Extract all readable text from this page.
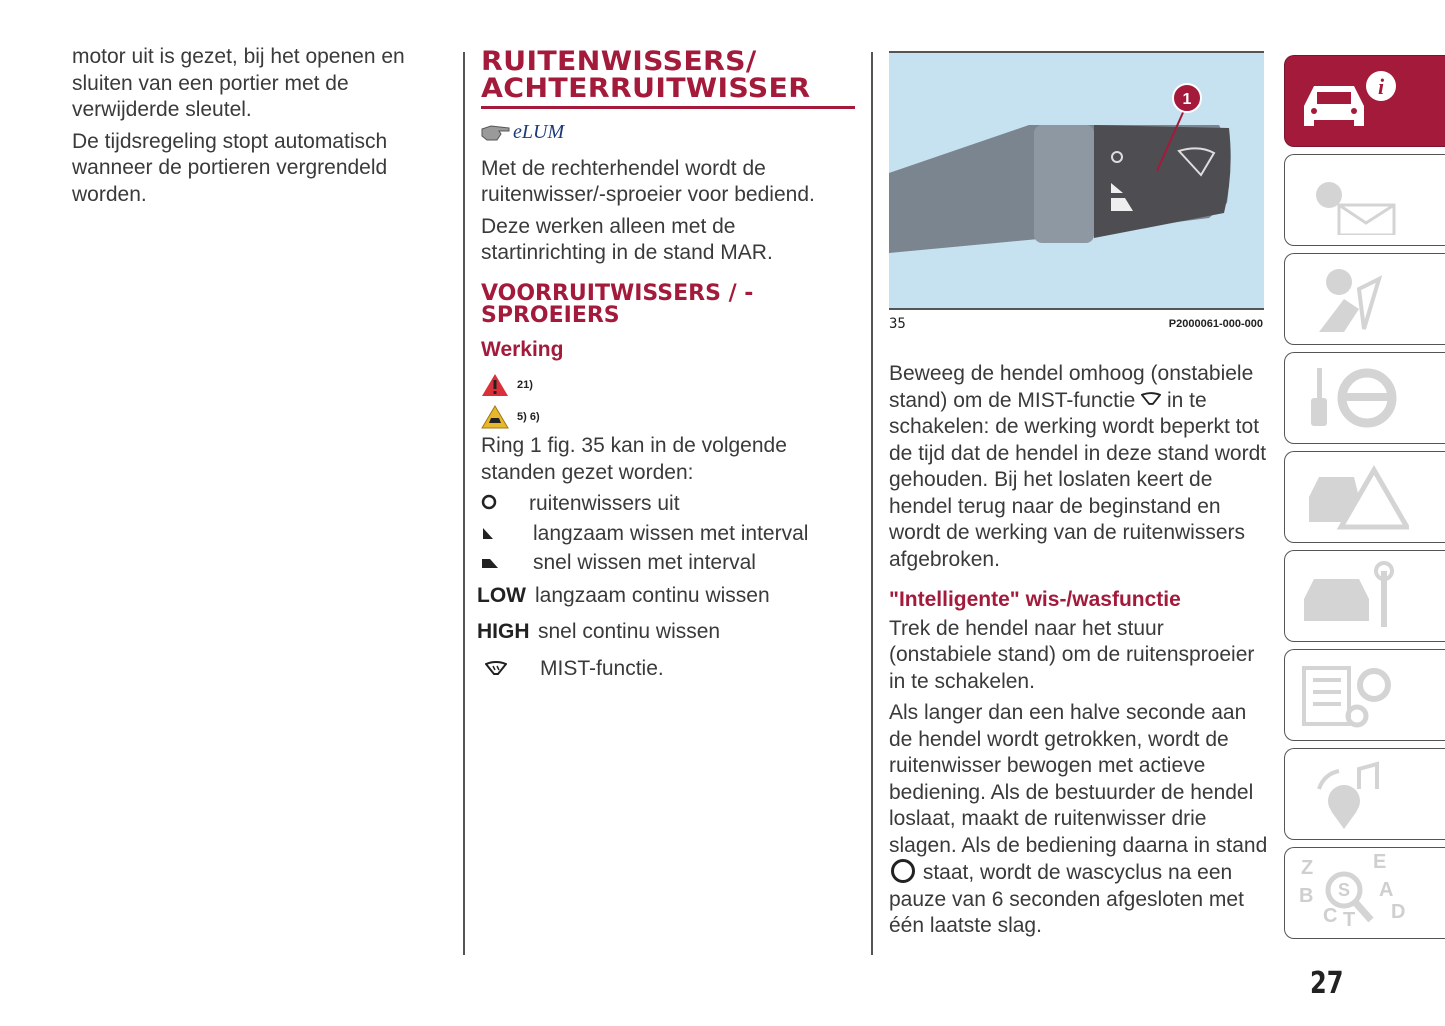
motor uit is gezet, bij het openen en sluiten van een portier met de verwijderde sleutel.

De tijdsregeling stopt automatisch wanneer de portieren vergrendeld worden.

RUITENWISSERS/
ACHTERRUITWISSER
eLUM

Met de rechterhendel wordt de ruitenwisser/-sproeier voor bediend.

Deze werken alleen met de startinrichting in de stand MAR.

VOORRUITWISSERS / -
SPROEIERS
Werking
21)
5) 6)

Ring 1 fig. 35 kan in de volgende standen gezet worden:

ruitenwissers uit
langzaam wissen met interval
snel wissen met interval
LOW langzaam continu wissen
HIGH snel continu wissen
MIST-functie.
1
35	P2000061-000-000

Beweeg de hendel omhoog (onstabiele stand) om de MIST-functie in te schakelen: de werking wordt beperkt tot de tijd dat de hendel in deze stand wordt gehouden. Bij het loslaten keert de hendel terug naar de beginstand en wordt de werking van de ruitenwissers afgebroken.

"Intelligente" wis-/wasfunctie

Trek de hendel naar het stuur (onstabiele stand) om de ruitensproeier in te schakelen.

Als langer dan een halve seconde aan de hendel wordt getrokken, wordt de ruitenwisser bewogen met actieve bediening. Als de bestuurder de hendel loslaat, maakt de ruitenwisser drie slagen. Als de bediening daarna in stand  staat, wordt de wascyclus na een pauze van 6 seconden afgesloten met één laatste slag.

i
Z	E
B	A
C T D
S
27
